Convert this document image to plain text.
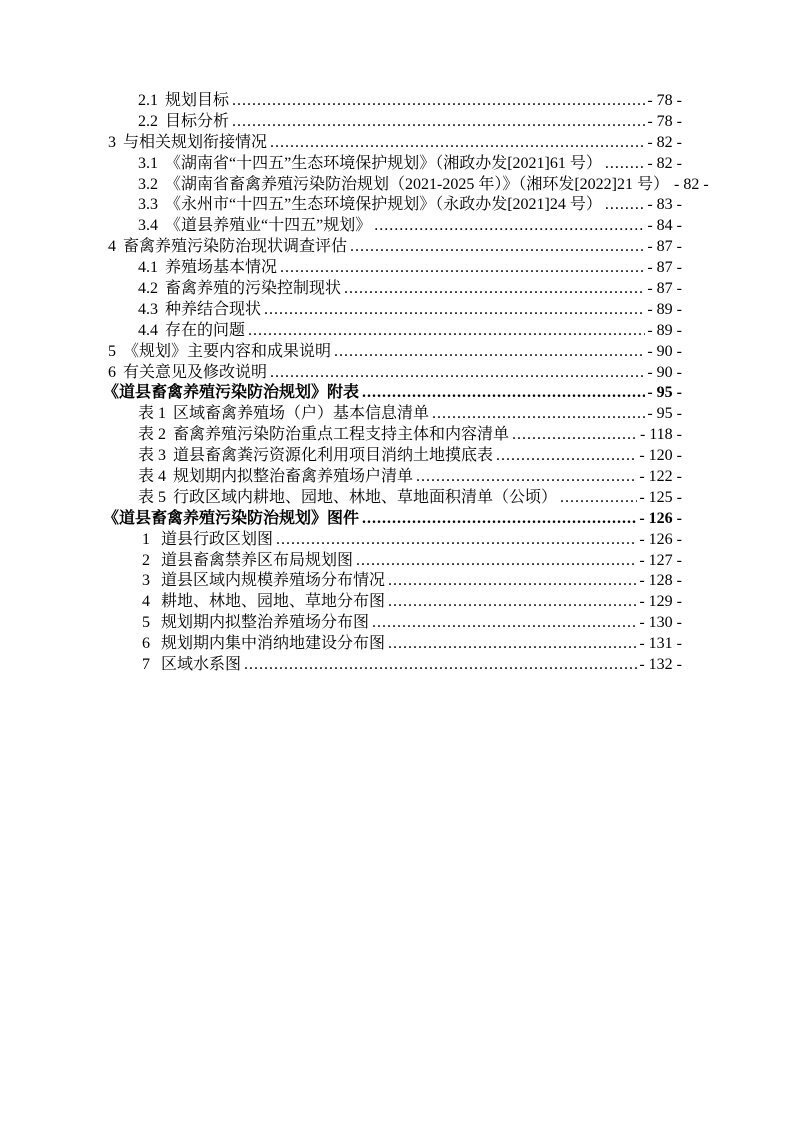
2.1 规划目标 .....	- 78 -
2.2 目标分析 .....	- 78 -
3 与相关规划衔接情况 .....	- 82 -
3.1 《湖南省“十四五”生态环境保护规划》（湘政办发[2021]61 号） .....	- 82 -
3.2 《湖南省畜禽养殖污染防治规划（2021-2025 年）》（湘环发[2022]21 号） - 82 -
3.3 《永州市“十四五”生态环境保护规划》（永政办发[2021]24 号） .....	- 83 -
3.4 《道县养殖业“十四五”规划》 .....	- 84 -
4 畜禽养殖污染防治现状调查评估 .....	- 87 -
4.1 养殖场基本情况 .....	- 87 -
4.2 畜禽养殖的污染控制现状 .....	- 87 -
4.3 种养结合现状 .....	- 89 -
4.4 存在的问题 .....	- 89 -
5 《规划》主要内容和成果说明 .....	- 90 -
6 有关意见及修改说明 .....	- 90 -
《道县畜禽养殖污染防治规划》附表 .....	- 95 -
表 1 区域畜禽养殖场（户）基本信息清单 .....	- 95 -
表 2 畜禽养殖污染防治重点工程支持主体和内容清单 .....	- 118 -
表 3 道县畜禽粪污资源化利用项目消纳土地摸底表 .....	- 120 -
表 4 规划期内拟整治畜禽养殖场户清单 .....	- 122 -
表 5 行政区域内耕地、园地、林地、草地面积清单（公顷） .....	- 125 -
《道县畜禽养殖污染防治规划》图件 .....	- 126 -
1 道县行政区划图 .....	- 126 -
2 道县畜禽禁养区布局规划图 .....	- 127 -
3 道县区域内规模养殖场分布情况 .....	- 128 -
4 耕地、林地、园地、草地分布图 .....	- 129 -
5 规划期内拟整治养殖场分布图 .....	- 130 -
6 规划期内集中消纳地建设分布图 .....	- 131 -
7 区域水系图 .....	- 132 -
